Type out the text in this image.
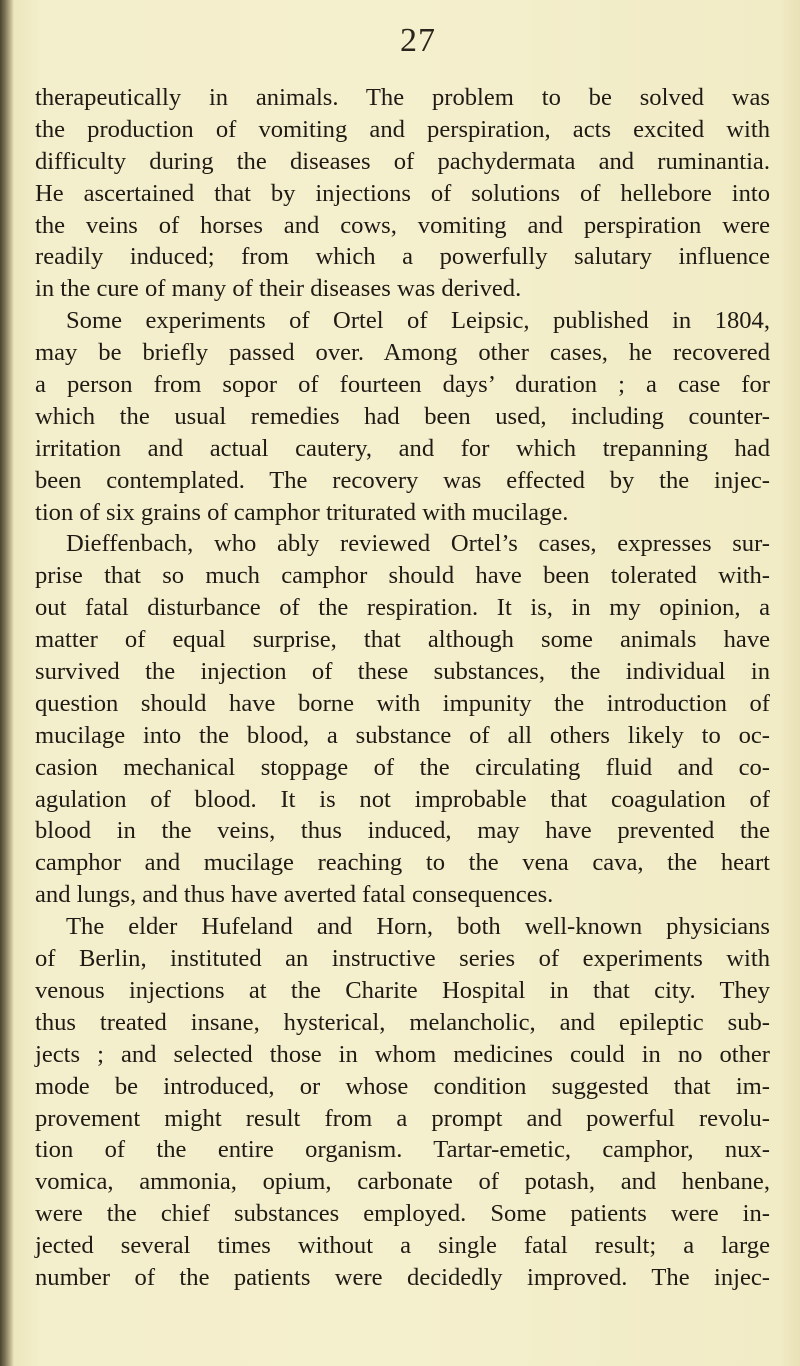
27
therapeutically in animals. The problem to be solved was
the production of vomiting and perspiration, acts excited with
difficulty during the diseases of pachydermata and ruminantia.
He ascertained that by injections of solutions of hellebore into
the veins of horses and cows, vomiting and perspiration were
readily induced; from which a powerfully salutary influence
in the cure of many of their diseases was derived.
Some experiments of Ortel of Leipsic, published in 1804,
may be briefly passed over. Among other cases, he recovered
a person from sopor of fourteen days’ duration ; a case for
which the usual remedies had been used, including counter-
irritation and actual cautery, and for which trepanning had
been contemplated. The recovery was effected by the injec-
tion of six grains of camphor triturated with mucilage.
Dieffenbach, who ably reviewed Ortel’s cases, expresses sur-
prise that so much camphor should have been tolerated with-
out fatal disturbance of the respiration. It is, in my opinion, a
matter of equal surprise, that although some animals have
survived the injection of these substances, the individual in
question should have borne with impunity the introduction of
mucilage into the blood, a substance of all others likely to oc-
casion mechanical stoppage of the circulating fluid and co-
agulation of blood. It is not improbable that coagulation of
blood in the veins, thus induced, may have prevented the
camphor and mucilage reaching to the vena cava, the heart
and lungs, and thus have averted fatal consequences.
The elder Hufeland and Horn, both well-known physicians
of Berlin, instituted an instructive series of experiments with
venous injections at the Charite Hospital in that city. They
thus treated insane, hysterical, melancholic, and epileptic sub-
jects ; and selected those in whom medicines could in no other
mode be introduced, or whose condition suggested that im-
provement might result from a prompt and powerful revolu-
tion of the entire organism. Tartar-emetic, camphor, nux-
vomica, ammonia, opium, carbonate of potash, and henbane,
were the chief substances employed. Some patients were in-
jected several times without a single fatal result; a large
number of the patients were decidedly improved. The injec-
